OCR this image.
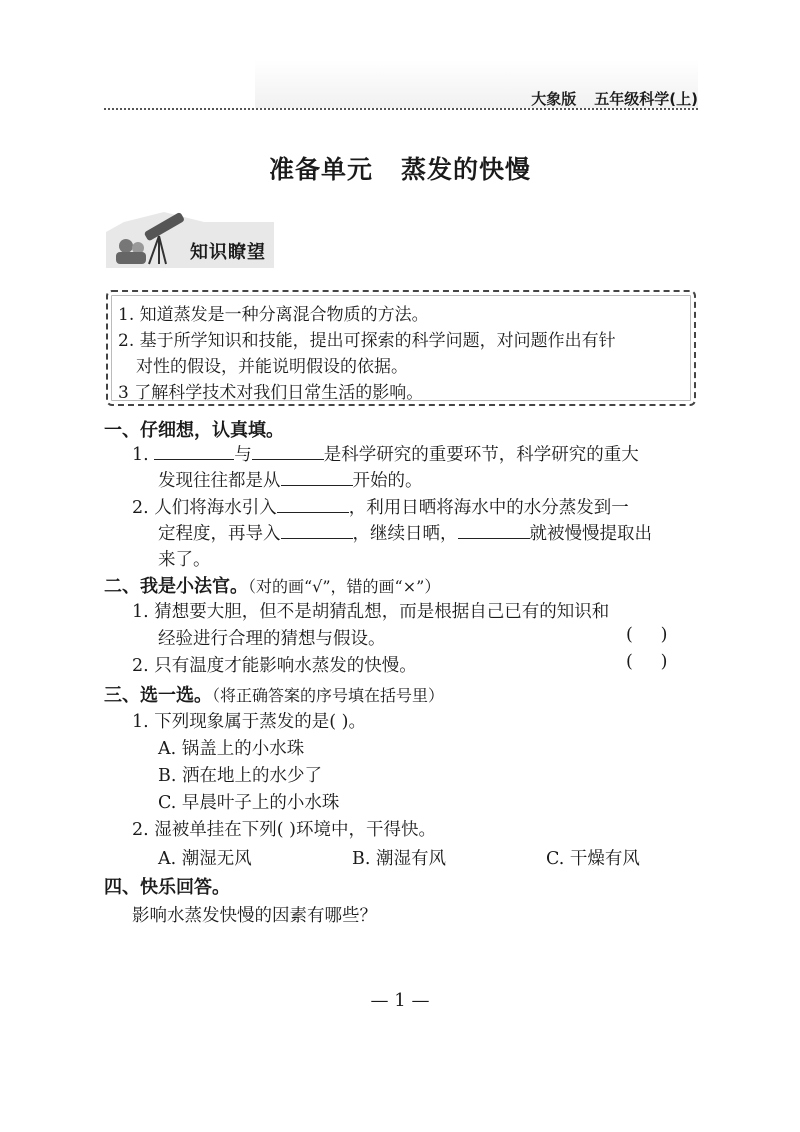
大象版 五年级科学(上)
准备单元 蒸发的快慢
知识瞭望
1. 知道蒸发是一种分离混合物质的方法。
2. 基于所学知识和技能，提出可探索的科学问题，对问题作出有针
对性的假设，并能说明假设的依据。
3 了解科学技术对我们日常生活的影响。
一、仔细想，认真填。
1.	与	是科学研究的重要环节，科学研究的重大
发现往往都是从	开始的。
2. 人们将海水引入	，利用日晒将海水中的水分蒸发到一
定程度，再导入	，继续日晒，	就被慢慢提取出
来了。
二、我是小法官。（对的画“√”，错的画“×”）
1. 猜想要大胆，但不是胡猜乱想，而是根据自己已有的知识和
经验进行合理的猜想与假设。	(     )
2. 只有温度才能影响水蒸发的快慢。	(     )
三、选一选。（将正确答案的序号填在括号里）
1. 下列现象属于蒸发的是( )。
A. 锅盖上的小水珠
B. 洒在地上的水少了
C. 早晨叶子上的小水珠
2. 湿被单挂在下列( )环境中，干得快。
A. 潮湿无风	B. 潮湿有风	C. 干燥有风
四、快乐回答。
影响水蒸发快慢的因素有哪些？
— 1 —
